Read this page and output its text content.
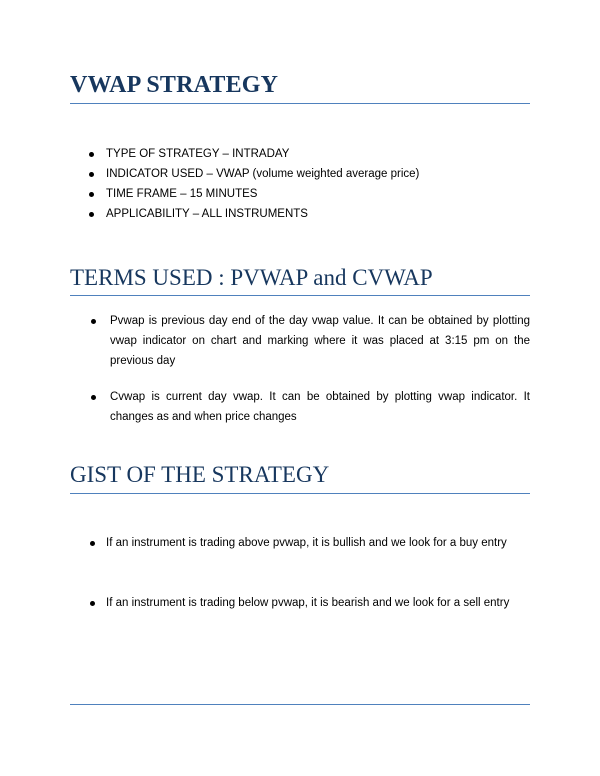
VWAP STRATEGY
TYPE OF STRATEGY – INTRADAY
INDICATOR USED – VWAP (volume weighted average price)
TIME FRAME – 15 MINUTES
APPLICABILITY – ALL INSTRUMENTS
TERMS USED : PVWAP and CVWAP
Pvwap is previous day end of the day vwap value. It can be obtained by plotting vwap indicator on chart and marking where it was placed at 3:15 pm on the previous day
Cvwap is current day vwap. It can be obtained by plotting vwap indicator. It changes as and when price changes
GIST OF THE STRATEGY
If an instrument is trading above pvwap, it is bullish and we look for a buy entry
If an instrument is trading below pvwap, it is bearish and we look for a sell entry
